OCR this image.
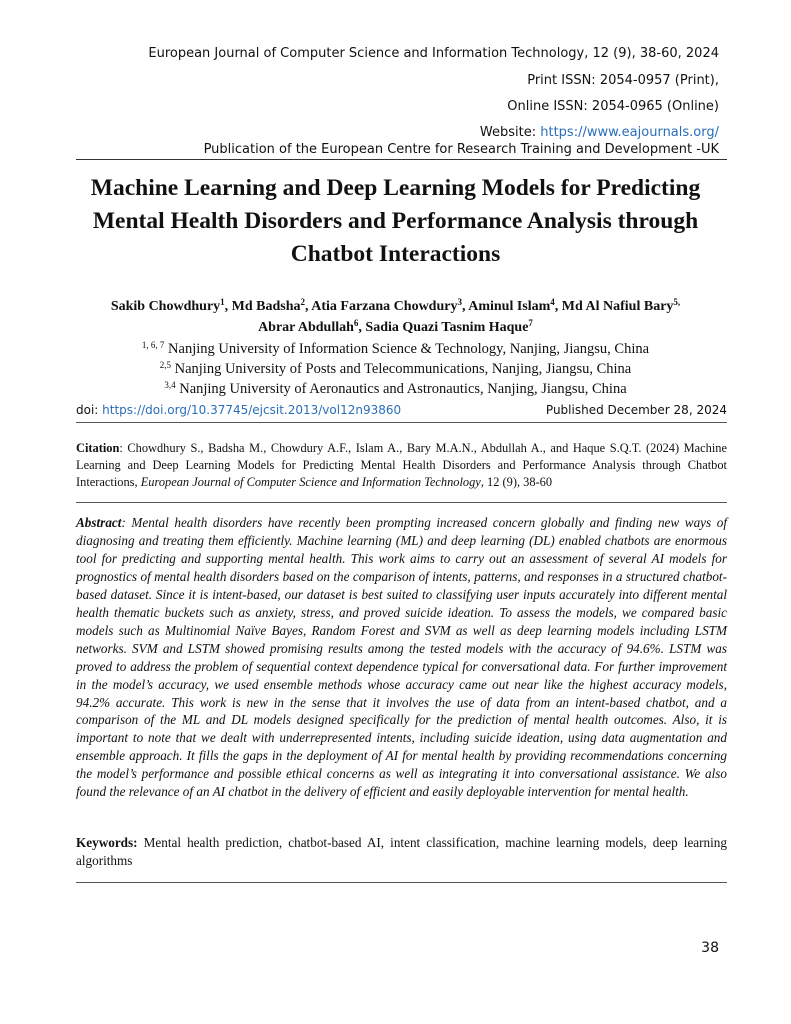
European Journal of Computer Science and Information Technology, 12 (9), 38-60, 2024
Print ISSN: 2054-0957 (Print),
Online ISSN: 2054-0965 (Online)
Website: https://www.eajournals.org/
Publication of the European Centre for Research Training and Development -UK
Machine Learning and Deep Learning Models for Predicting Mental Health Disorders and Performance Analysis through Chatbot Interactions
Sakib Chowdhury$^1$, Md Badsha$^2$, Atia Farzana Chowdury$^3$, Aminul Islam$^4$, Md Al Nafiul Bary$^{5,}$
Abrar Abdullah$^6$, Sadia Quazi Tasnim Haque$^7$
$^{1, 6, 7}$ Nanjing University of Information Science & Technology, Nanjing, Jiangsu, China
$^{2,5}$ Nanjing University of Posts and Telecommunications, Nanjing, Jiangsu, China
$^{3,4}$ Nanjing University of Aeronautics and Astronautics, Nanjing, Jiangsu, China
doi: https://doi.org/10.37745/ejcsit.2013/vol12n93860	Published December 28, 2024
Citation: Chowdhury S., Badsha M., Chowdury A.F., Islam A., Bary M.A.N., Abdullah A., and Haque S.Q.T. (2024) Machine Learning and Deep Learning Models for Predicting Mental Health Disorders and Performance Analysis through Chatbot Interactions, European Journal of Computer Science and Information Technology, 12 (9), 38-60
Abstract: Mental health disorders have recently been prompting increased concern globally and finding new ways of diagnosing and treating them efficiently. Machine learning (ML) and deep learning (DL) enabled chatbots are enormous tool for predicting and supporting mental health. This work aims to carry out an assessment of several AI models for prognostics of mental health disorders based on the comparison of intents, patterns, and responses in a structured chatbot-based dataset. Since it is intent-based, our dataset is best suited to classifying user inputs accurately into different mental health thematic buckets such as anxiety, stress, and proved suicide ideation. To assess the models, we compared basic models such as Multinomial Naïve Bayes, Random Forest and SVM as well as deep learning models including LSTM networks. SVM and LSTM showed promising results among the tested models with the accuracy of 94.6%. LSTM was proved to address the problem of sequential context dependence typical for conversational data. For further improvement in the model’s accuracy, we used ensemble methods whose accuracy came out near like the highest accuracy models, 94.2% accurate. This work is new in the sense that it involves the use of data from an intent-based chatbot, and a comparison of the ML and DL models designed specifically for the prediction of mental health outcomes. Also, it is important to note that we dealt with underrepresented intents, including suicide ideation, using data augmentation and ensemble approach. It fills the gaps in the deployment of AI for mental health by providing recommendations concerning the model’s performance and possible ethical concerns as well as integrating it into conversational assistance. We also found the relevance of an AI chatbot in the delivery of efficient and easily deployable intervention for mental health.
Keywords: Mental health prediction, chatbot-based AI, intent classification, machine learning models, deep learning algorithms
38
